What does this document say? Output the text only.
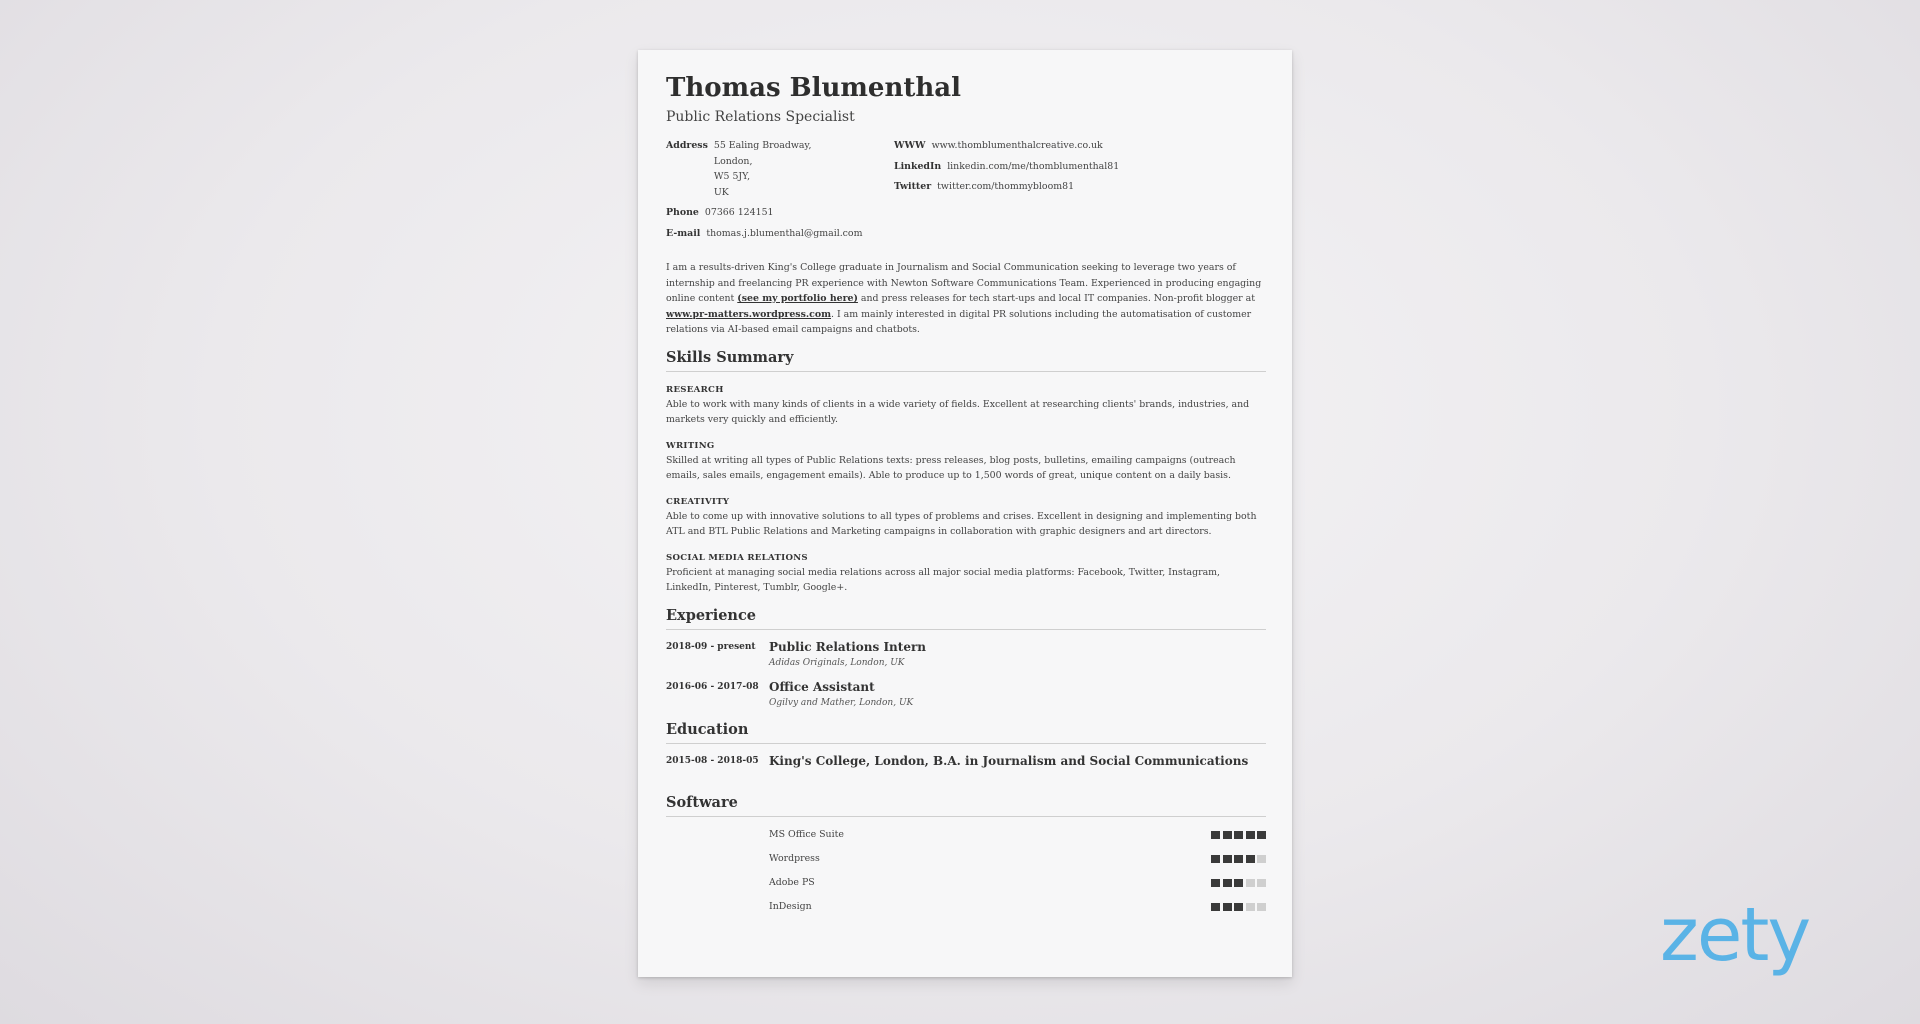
Thomas Blumenthal
Public Relations Specialist
Address 55 Ealing Broadway,
London,
W5 5JY,
UK
Phone 07366 124151
E-mail thomas.j.blumenthal@gmail.com
WWW www.thomblumenthalcreative.co.uk
LinkedIn linkedin.com/me/thomblumenthal81
Twitter twitter.com/thommybloom81

I am a results-driven King's College graduate in Journalism and Social Communication seeking to leverage two years of internship and freelancing PR experience with Newton Software Communications Team. Experienced in producing engaging online content (see my portfolio here) and press releases for tech start-ups and local IT companies. Non-profit blogger at www.pr-matters.wordpress.com. I am mainly interested in digital PR solutions including the automatisation of customer relations via AI-based email campaigns and chatbots.

Skills Summary
RESEARCH
Able to work with many kinds of clients in a wide variety of fields. Excellent at researching clients' brands, industries, and markets very quickly and efficiently.
WRITING
Skilled at writing all types of Public Relations texts: press releases, blog posts, bulletins, emailing campaigns (outreach emails, sales emails, engagement emails). Able to produce up to 1,500 words of great, unique content on a daily basis.
CREATIVITY
Able to come up with innovative solutions to all types of problems and crises. Excellent in designing and implementing both ATL and BTL Public Relations and Marketing campaigns in collaboration with graphic designers and art directors.
SOCIAL MEDIA RELATIONS
Proficient at managing social media relations across all major social media platforms: Facebook, Twitter, Instagram, LinkedIn, Pinterest, Tumblr, Google+.
Experience
2018-09 - present	Public Relations Intern
Adidas Originals, London, UK
2016-06 - 2017-08 Office Assistant
Ogilvy and Mather, London, UK
Education
2015-08 - 2018-05 King's College, London, B.A. in Journalism and Social Communications
Software
MS Office Suite
Wordpress
Adobe PS
InDesign	zety
